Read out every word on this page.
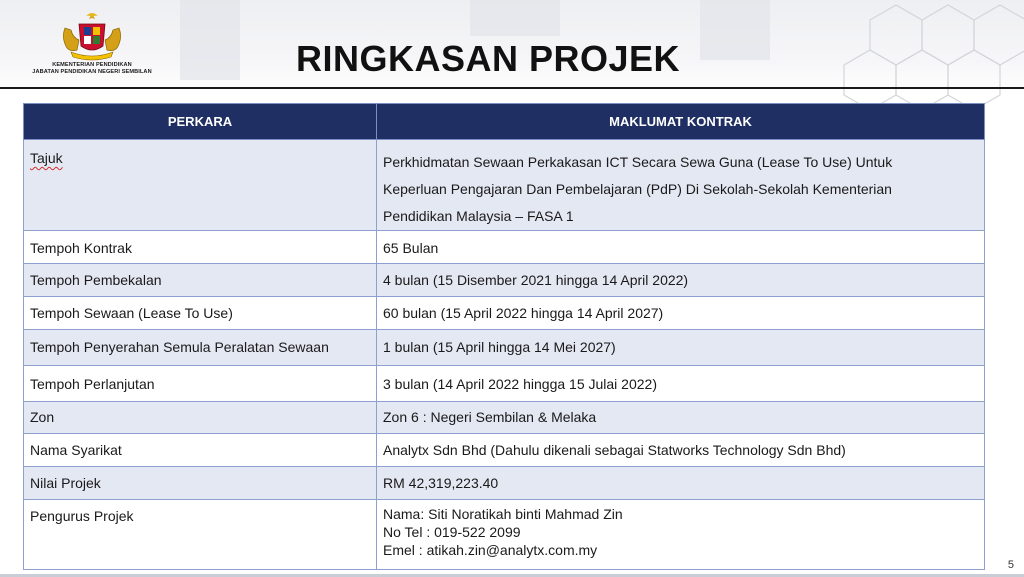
KEMENTERIAN PENDIDIKAN
JABATAN PENDIDIKAN NEGERI SEMBILAN	RINGKASAN PROJEK
PERKARA	MAKLUMAT KONTRAK
Tajuk	Perkhidmatan Sewaan Perkakasan ICT Secara Sewa Guna (Lease To Use) Untuk
Keperluan Pengajaran Dan Pembelajaran (PdP) Di Sekolah-Sekolah Kementerian
Pendidikan Malaysia – FASA 1

Tempoh Kontrak	65 Bulan
Tempoh Pembekalan	4 bulan (15 Disember 2021 hingga 14 April 2022)
Tempoh Sewaan (Lease To Use)	60 bulan (15 April 2022 hingga 14 April 2027)
Tempoh Penyerahan Semula Peralatan Sewaan	1 bulan (15 April hingga 14 Mei 2027)
Tempoh Perlanjutan	3 bulan (14 April 2022 hingga 15 Julai 2022)
Zon	Zon 6 : Negeri Sembilan & Melaka
Nama Syarikat	Analytx Sdn Bhd (Dahulu dikenali sebagai Statworks Technology Sdn Bhd)
Nilai Projek	RM 42,319,223.40
Pengurus Projek	Nama: Siti Noratikah binti Mahmad Zin
No Tel : 019-522 2099
Emel : atikah.zin@analytx.com.my
5
